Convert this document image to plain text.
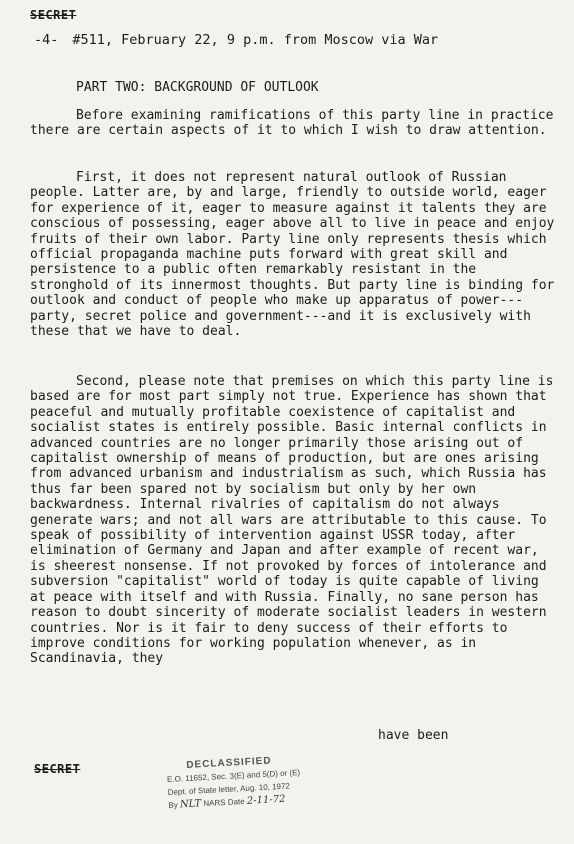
SECRET
-4- #511, February 22, 9 p.m. from Moscow via War
PART TWO: BACKGROUND OF OUTLOOK

Before examining ramifications of this party line in practice there are certain aspects of it to which I wish to draw attention.

First, it does not represent natural outlook of Russian people. Latter are, by and large, friendly to outside world, eager for experience of it, eager to measure against it talents they are conscious of possessing, eager above all to live in peace and enjoy fruits of their own labor. Party line only represents thesis which official propaganda machine puts forward with great skill and persistence to a public often remarkably resistant in the stronghold of its innermost thoughts. But party line is binding for outlook and conduct of people who make up apparatus of power---party, secret police and government---and it is exclusively with these that we have to deal.

Second, please note that premises on which this party line is based are for most part simply not true. Experience has shown that peaceful and mutually profitable coexistence of capitalist and socialist states is entirely possible. Basic internal conflicts in advanced countries are no longer primarily those arising out of capitalist ownership of means of production, but are ones arising from advanced urbanism and industrialism as such, which Russia has thus far been spared not by socialism but only by her own backwardness. Internal rivalries of capitalism do not always generate wars; and not all wars are attributable to this cause. To speak of possibility of intervention against USSR today, after elimination of Germany and Japan and after example of recent war, is sheerest nonsense. If not provoked by forces of intolerance and subversion "capitalist" world of today is quite capable of living at peace with itself and with Russia. Finally, no sane person has reason to doubt sincerity of moderate socialist leaders in western countries. Nor is it fair to deny success of their efforts to improve conditions for working population whenever, as in Scandinavia, they

have been
SECRET	DECLASSIFIED
E.O. 11652, Sec. 3(E) and 5(D) or (E)
Dept. of State letter, Aug. 10, 1972
By NLT NARS Date 2-11-72
